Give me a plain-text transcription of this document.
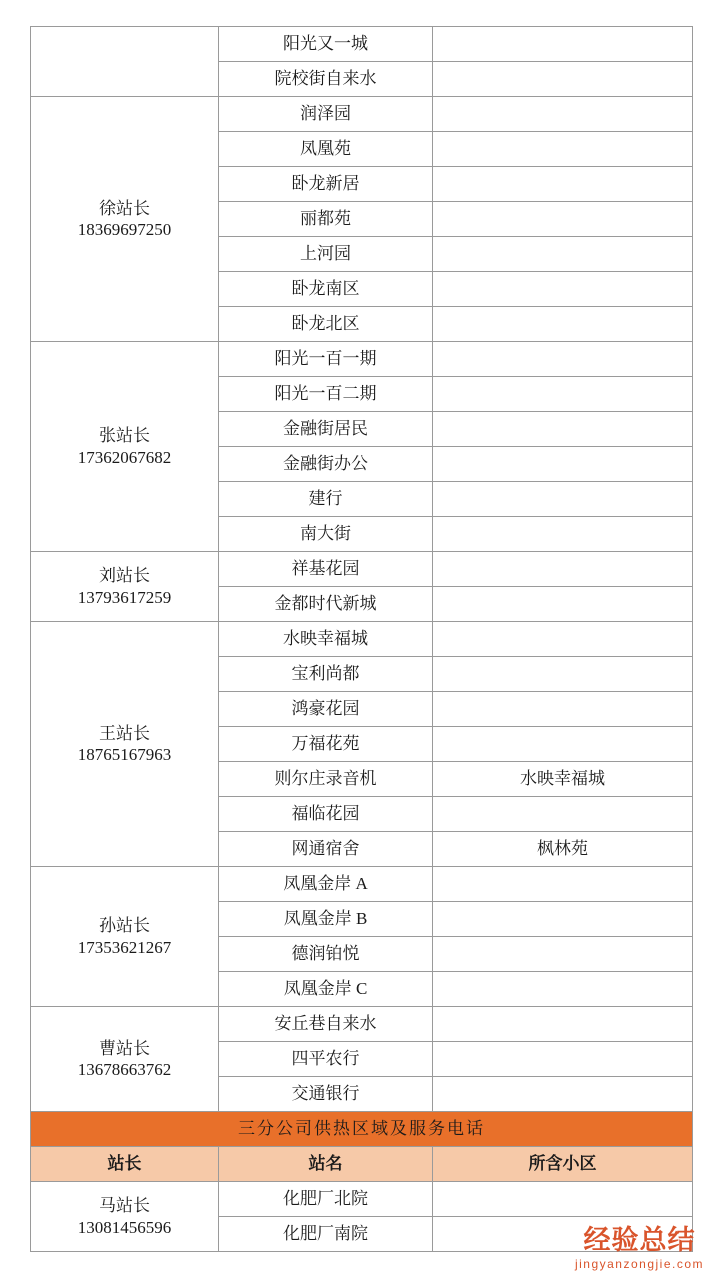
	阳光又一城	
	院校街自来水	

徐站长
18369697250	润泽园	
	凤凰苑	
	卧龙新居	
	丽都苑	
	上河园	
	卧龙南区	
	卧龙北区	

张站长
17362067682	阳光一百一期	
	阳光一百二期	
	金融街居民	
	金融街办公	
	建行	
	南大街	

刘站长
13793617259	祥基花园	
	金都时代新城	

王站长
18765167963	水映幸福城	
	宝利尚都	
	鸿豪花园	
	万福花苑	
	则尔庄录音机	水映幸福城
	福临花园	
	网通宿舍	枫林苑

孙站长
17353621267	凤凰金岸 A	
	凤凰金岸 B	
	德润铂悦	
	凤凰金岸 C	

曹站长
13678663762	安丘巷自来水	
	四平农行	
	交通银行	
三分公司供热区域及服务电话		
站长	站名	所含小区

马站长
13081456596	化肥厂北院	
	化肥厂南院		经验总结
jingyanzongjie.com
